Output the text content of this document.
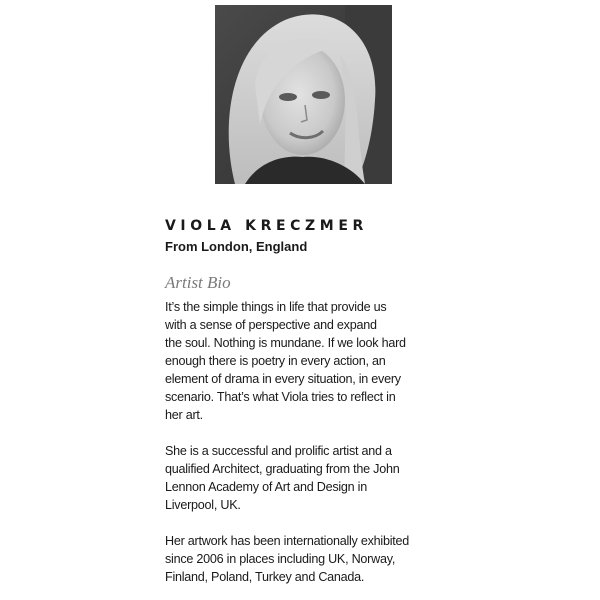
VIOLA KRECZMER
From London, England
Artist Bio
It’s the simple things in life that provide us
with a sense of perspective and expand
the soul. Nothing is mundane. If we look hard
enough there is poetry in every action, an
element of drama in every situation, in every
scenario. That’s what Viola tries to reflect in
her art.
She is a successful and prolific artist and a
qualified Architect, graduating from the John
Lennon Academy of Art and Design in
Liverpool, UK.
Her artwork has been internationally exhibited
since 2006 in places including UK, Norway,
Finland, Poland, Turkey and Canada.
